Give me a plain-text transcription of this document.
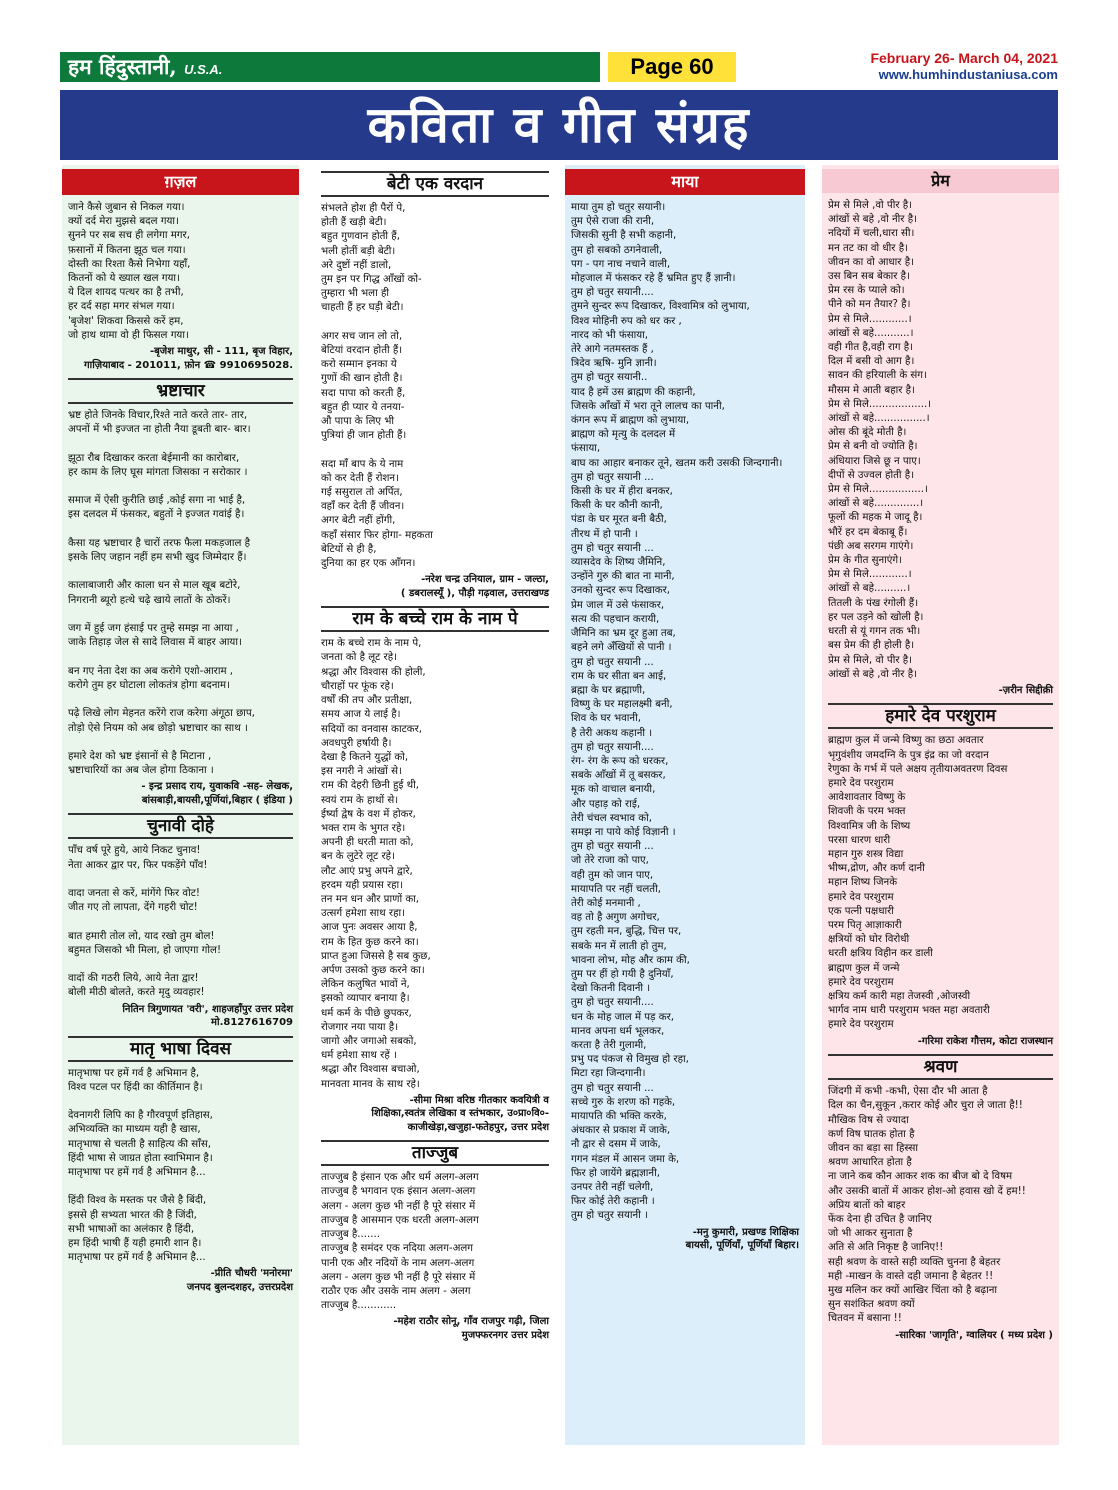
हम हिंदुस्तानी, U.S.A.	Page 60	February 26- March 04, 2021
www.humhindustaniusa.com
कविता व गीत संग्रह
ग़ज़ल
जाने कैसे जुबान से निकल गया।
क्यों दर्द मेरा मुझसे बदल गया।
सुनने पर सब सच ही लगेगा मगर,
फ़सानों में कितना झूठ चल गया।
दोस्ती का रिश्ता कैसे निभेगा यहाँ,
कितनों को ये ख्याल खल गया।
ये दिल शायद पत्थर का है तभी,
हर दर्द सहा मगर संभल गया।
'बृजेश' शिकवा किससे करें हम,
जो हाथ थामा वो ही फिसल गया।
-बृजेश माथुर, सी - 111, बृज विहार,
गाज़ियाबाद - 201011, फ़ोन ☎ 9910695028.
भ्रष्टाचार
भ्रष्ट होते जिनके विचार,रिश्ते नाते करते तार- तार,
अपनों में भी इज्जत ना होती नैया डूबती बार- बार।

झूठा रौब दिखाकर करता बेईमानी का कारोबार,
हर काम के लिए घूस मांगता जिसका न सरोकार ।

समाज में ऐसी कुरीति छाई ,कोई सगा ना भाई है,
इस दलदल में फंसकर, बहुतों ने इज्जत गवांई है।

कैसा यह भ्रष्टाचार है चारों तरफ फैला मकड़जाल है
इसके लिए जहान नहीं हम सभी खुद जिम्मेदार हैं।

कालाबाजारी और काला धन से माल खूब बटोरे,
निगरानी ब्यूरो हत्थे चढ़े खाये लातों के ठोकरें।

जग में हुई जग हंसाई पर तुम्हे समझ ना आया ,
जाके तिहाड़ जेल से सादे लिवास में बाहर आया।

बन गए नेता देश का अब करोगे एशो-आराम ,
करोगे तुम हर घोटाला लोकतंत्र होगा बदनाम।

पढ़े लिखे लोग मेहनत करेंगे राज करेगा अंगूठा छाप,
तोड़ो ऐसे नियम को अब छोड़ो भ्रष्टाचार का साथ ।

हमारे देश को भ्रष्ट इंसानों से है मिटाना ,
भ्रष्टाचारियों का अब जेल होगा ठिकाना ।
- इन्द्र प्रसाद राय, युवाकवि -सह- लेखक,
बांसबाड़ी,बायसी,पूर्णियां,बिहार ( इंडिया )
चुनावी दोहे
पाँच वर्ष पूरे हुये, आये निकट चुनाव!
नेता आकर द्वार पर, फिर पकड़ेंगे पाँव!

वादा जनता से करें, मांगेंगे फिर वोट!
जीत गए तो लापता, देंगे गहरी चोट!

बात हमारी तोल लो, याद रखो तुम बोल!
बहुमत जिसको भी मिला, हो जाएगा गोल!

वादों की गठरी लिये, आये नेता द्वार!
बोली मीठी बोलते, करते मृदु व्यवहार!
नितिन त्रिगुणायत 'वरी', शाहजहाँपुर उत्तर प्रदेश
मो.8127616709
मातृ भाषा दिवस
मातृभाषा पर हमें गर्व है अभिमान है,
विश्व पटल पर हिंदी का कीर्तिमान है।

देवनागरी लिपि का है गौरवपूर्ण इतिहास,
अभिव्यक्ति का माध्यम यही है खास,
मातृभाषा से चलती है साहित्य की साँस,
हिंदी भाषा से जाग्रत होता स्वाभिमान है।
मातृभाषा पर हमें गर्व है अभिमान है...

हिंदी विश्व के मस्तक पर जैसे है बिंदी,
इससे ही सभ्यता भारत की है जिंदी,
सभी भाषाओं का अलंकार है हिंदी,
हम हिंदी भाषी हैं यही हमारी शान है।
मातृभाषा पर हमें गर्व है अभिमान है...
-प्रीति चौधरी 'मनोरमा'
जनपद बुलन्दशहर, उत्तरप्रदेश
बेटी एक वरदान
संभलते होश ही पैरों पे,
होती हैं खड़ी बेटी।
बहुत गुणवान होती हैं,
भली होतीं बड़ी बेटी।
अरे दुष्टों नहीं डालो,
तुम इन पर गिद्ध आँखों को-
तुम्हारा भी भला ही
चाहती हैं हर घड़ी बेटी।

अगर सच जान लो तो,
बेटियां वरदान होती हैं।
करो सम्मान इनका ये
गुणों की खान होती है।
सदा पापा को करती हैं,
बहुत ही प्यार ये तनया-
औ पापा के लिए भी
पुत्रियां ही जान होती हैं।

सदा माँ बाप के ये नाम
को कर देती हैं रोशन।
गई ससुराल तो अर्पित,
वहाँ कर देती हैं जीवन।
अगर बेटी नहीं होंगी,
कहाँ संसार फिर होगा- महकता
बेटियों से ही है,
दुनिया का हर एक आँगन।
-नरेश चन्द्र उनियाल, ग्राम - जल्ठा,
( डबरालस्यूँ ), पौड़ी गढ़वाल, उत्तराखण्ड
राम के बच्चे राम के नाम पे
राम के बच्चे राम के नाम पे,
जनता को है लूट रहे।
श्रद्धा और विश्वास की होली,
चौराहों पर फूंक रहे।
वर्षों की तप और प्रतीक्षा,
समय आज ये लाई है।
सदियों का वनवास काटकर,
अवधपुरी हर्षायी है।
देखा है कितने युद्धों को,
इस नगरी ने आंखों से।
राम की देहरी छिनी हुई थी,
स्वयं राम के हाथों से।
ईर्ष्या द्वेष के वश में होकर,
भक्त राम के भुगत रहे।
अपनी ही धरती माता को,
बन के लुटेरे लूट रहे।
लौट आएं प्रभु अपने द्वारे,
हरदम यही प्रयास रहा।
तन मन धन और प्राणों का,
उत्सर्ग हमेशा साथ रहा।
आज पुनः अवसर आया है,
राम के हित कुछ करने का।
प्राप्त हुआ जिससे है सब कुछ,
अर्पण उसको कुछ करने का।
लेकिन कलुषित भावों ने,
इसको व्यापार बनाया है।
धर्म कर्म के पीछे छुपकर,
रोजगार नया पाया है।
जागो और जगाओ सबको,
धर्म हमेशा साथ रहें ।
श्रद्धा और विश्वास बचाओ,
मानवता मानव के साथ रहे।
-सीमा मिश्रा वरिष्ठ गीतकार कवयित्री व
शिक्षिका,स्वतंत्र लेखिका व स्तंभकार, उ०प्रा०वि०-
काजीखेड़ा,खजुहा-फतेहपुर, उत्तर प्रदेश
ताज्जुब
ताज्जुब है इंसान एक और धर्म अलग-अलग
ताज्जुब है भगवान एक इंसान अलग-अलग
अलग - अलग कुछ भी नहीं है पूरे संसार में
ताज्जुब है आसमान एक धरती अलग-अलग
ताज्जुब है.......
ताज्जुब है समंदर एक नदिया अलग-अलग
पानी एक और नदियों के नाम अलग-अलग
अलग - अलग कुछ भी नहीं है पूरे संसार में
राठौर एक और उसके नाम अलग - अलग
ताज्जुब है............
-महेश राठौर सोनू, गाँव राजपुर गढ़ी, जिला
मुजफ्फरनगर उत्तर प्रदेश
माया
माया तुम हो चतुर सयानी।
तुम ऐसे राजा की रानी,
जिसकी सुनी है सभी कहानी,
तुम हो सबको ठगनेवाली,
पग - पग नाच नचाने वाली,
मोहजाल में फंसकर रहे हैं भ्रमित हुए हैं ज्ञानी।
तुम हो चतुर सयानी....
तुमने सुन्दर रूप दिखाकर, विश्वामित्र को लुभाया,
विश्व मोहिनी रुप को धर कर ,
नारद को भी फंसाया,
तेरे आगे नतमस्तक हैं ,
त्रिदेव ऋषि- मुनि ज्ञानी।
तुम हो चतुर सयानी..
याद है हमें उस ब्राह्मण की कहानी,
जिसके आँखों में भरा तूने लालच का पानी,
कंगन रूप में ब्राह्मण को लुभाया,
ब्राह्मण को मृत्यु के दलदल में
फंसाया,
बाघ का आहार बनाकर तूने, खतम करी उसकी जिन्दगानी।
तुम हो चतुर सयानी ...
किसी के घर में हीरा बनकर,
किसी के घर कौनी कानी,
पंडा के घर मूरत बनी बैठी,
तीरथ में हो पानी ।
तुम हो चतुर सयानी ...
व्यासदेव के शिष्य जैमिनि,
उन्होंने गुरु की बात ना मानी,
उनको सुन्दर रूप दिखाकर,
प्रेम जाल में उसे फंसाकर,
सत्य की पहचान करायी,
जैमिनि का भ्रम दूर हुआ तब,
बहने लगे अँखियों से पानी ।
तुम हो चतुर सयानी ...
राम के घर सीता बन आई,
ब्रह्मा के घर ब्रह्माणी,
विष्णु के घर महालक्ष्मी बनी,
शिव के घर भवानी,
है तेरी अकथ कहानी ।
तुम हो चतुर सयानी....
रंग- रंग के रूप को धरकर,
सबके आँखों में तू बसकर,
मूक को वाचाल बनायी,
और पहाड़ को राई,
तेरी चंचल स्वभाव को,
समझ ना पाये कोई विज्ञानी ।
तुम हो चतुर सयानी ...
जो तेरे राजा को पाए,
वही तुम को जान पाए,
मायापति पर नहीं चलती,
तेरी कोई मनमानी ,
वह तो है अगुण अगोचर,
तुम रहती मन, बुद्धि, चित्त पर,
सबके मन में लाती हो तुम,
भावना लोभ, मोह और काम की,
तुम पर हीं हो गयी है दुनियाँ,
देखो कितनी दिवानी ।
तुम हो चतुर सयानी....
धन के मोह जाल में पड़ कर,
मानव अपना धर्म भूलकर,
करता है तेरी गुलामी,
प्रभु पद पंकज से विमुख हो रहा,
मिटा रहा जिन्दगानी।
तुम हो चतुर सयानी ...
सच्चे गुरु के शरण को गहके,
मायापति की भक्ति करके,
अंधकार से प्रकाश में जाके,
नौ द्वार से दसम में जाके,
गगन मंडल में आसन जमा के,
फिर हो जायेंगे ब्रह्मज्ञानी,
उनपर तेरी नहीं चलेगी,
फिर कोई तेरी कहानी ।
तुम हो चतुर सयानी ।
-मनु कुमारी, प्रखण्ड शिक्षिका
बायसी, पूर्णियाँ, पूर्णियाँ बिहार।
प्रेम
प्रेम से मिले ,वो पीर है।
आंखों से बहे ,वो नीर है।
नदियों में चली,धारा सी।
मन तट का वो धीर है।
जीवन का वो आधार है।
उस बिन सब बेकार है।
प्रेम रस के प्याले को।
पीने को मन तैयार? है।
प्रेम से मिले............।
आंखों से बहे...........।
वही गीत है,वही राग है।
दिल में बसी वो आग है।
सावन की हरियाली के संग।
मौसम मे आती बहार है।
प्रेम से मिले..................।
आंखों से बहे................।
ओस की बूंदे मोती है।
प्रेम से बनी वो ज्योति है।
अंधियारा जिसे छू न पाए।
दीपों से उज्वल होती है।
प्रेम से मिले.................।
आंखों से बहे..............।
फूलों की महक मे जादू है।
भौरें हर दम बेकाबू हैं।
पंछी अब सरगम गाएंगे।
प्रेम के गीत सुनाएंगे।
प्रेम से मिले............।
आंखों से बहे..........।
तितली के पंख रंगोली हैं।
हर पल उड़ने को खोली है।
धरती से यूं गगन तक भी।
बस प्रेम की ही होली है।
प्रेम से मिले, वो पीर है।
आंखों से बहे ,वो नीर है।
-ज़रीन सिद्दीक़ी
हमारे देव परशुराम
ब्राह्मण कुल में जन्मे विष्णु का छठा अवतार
भृगुवंशीय जमदग्नि के पुत्र इंद्र का जो वरदान
रेणुका के गर्भ में पले अक्षय तृतीयाअवतरण दिवस
हमारे देव परशुराम
आवेशावतार विष्णु के
शिवजी के परम भक्त
विश्वामित्र जी के शिष्य
परसा धारण धारी
महान गुरु शस्त्र विद्या
भीष्म,द्रोण, और कर्ण दानी
महान शिष्य जिनके
हमारे देव परशुराम
एक पत्नी पक्षधारी
परम पितृ आज्ञाकारी
क्षत्रियों को घोर विरोधी
धरती क्षत्रिय विहीन कर डाली
ब्राह्मण कुल में जन्मे
हमारे देव परशुराम
क्षत्रिय कर्म कारी महा तेजस्वी ,ओजस्वी
भार्गव नाम धारी परशुराम भक्त महा अवतारी
हमारे देव परशुराम
-गरिमा राकेश गौत्तम, कोटा राजस्थान
श्रवण
जिंदगी में कभी -कभी, ऐसा दौर भी आता है
दिल का चैन,सुकून ,करार कोई और चुरा ले जाता है!!
मौखिक विष से ज्यादा
कर्ण विष घातक होता है
जीवन का बड़ा सा हिस्सा
श्रवण आधारित होता है
ना जाने कब कौन आकर शक का बीज बो दे विषम
और उसकी बातों में आकर होश-ओ हवास खो दें हम!!
अप्रिय बातों को बाहर
फेंक देना ही उचित है जानिए
जो भी आकर सुनाता है
अति से अति निकृष्ट है जानिए!!
सही श्रवण के वास्ते सही व्यक्ति चुनना है बेहतर
मही -माखन के वास्ते दही जमाना है बेहतर !!
मुख मलिन कर क्यों आखिर चिंता को है बढ़ाना
सुन सशंकित श्रवण क्यों
चितवन में बसाना !!
-सारिका 'जागृति', ग्वालियर ( मध्य प्रदेश )
